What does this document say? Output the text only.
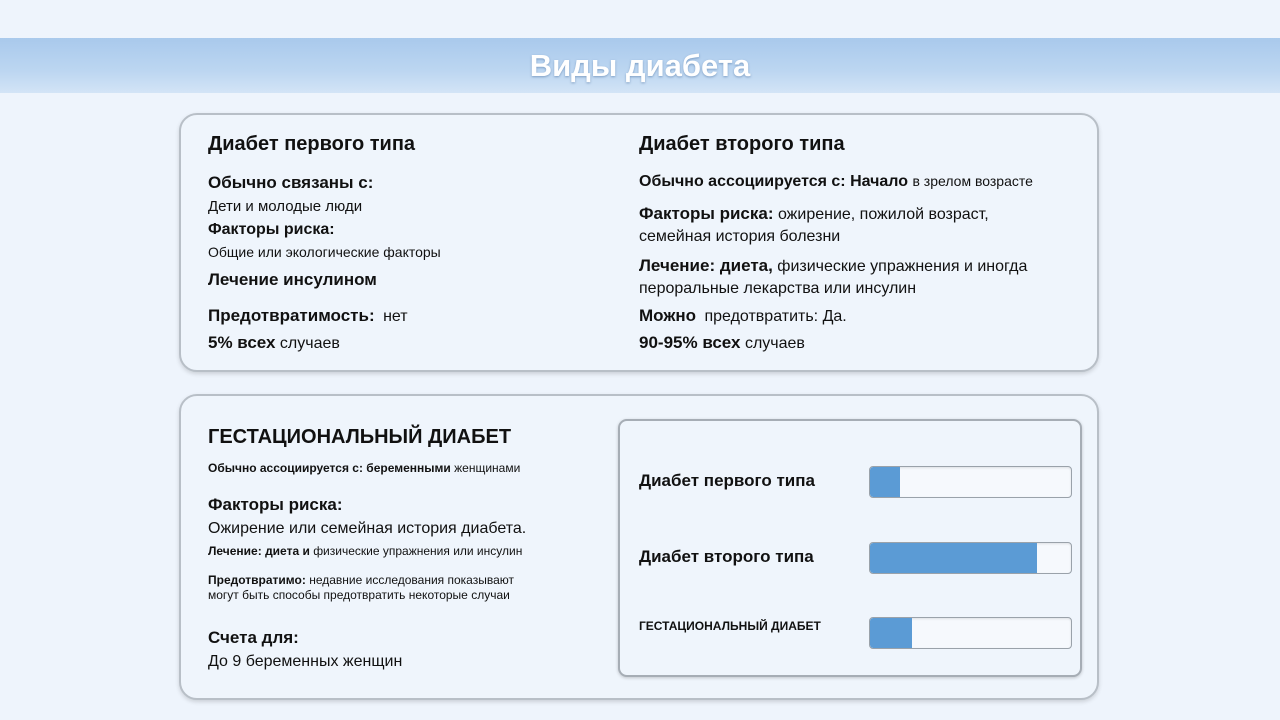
Виды диабета
Диабет первого типа
Обычно связаны с:
Дети и молодые люди
Факторы риска:
Общие или экологические факторы
Лечение инсулином
Предотвратимость: нет
5% всех случаев
Диабет второго типа
Обычно ассоциируется с: Начало в зрелом возрасте
Факторы риска: ожирение, пожилой возраст,
семейная история болезни
Лечение: диета, физические упражнения и иногда
пероральные лекарства или инсулин
Можно предотвратить: Да.
90-95% всех случаев
ГЕСТАЦИОНАЛЬНЫЙ ДИАБЕТ
Обычно ассоциируется с: беременными женщинами
Факторы риска:
Ожирение или семейная история диабета.
Лечение: диета и физические упражнения или инсулин
Предотвратимо: недавние исследования показывают
могут быть способы предотвратить некоторые случаи
Счета для:
До 9 беременных женщин
Диабет первого типа
Диабет второго типа
ГЕСТАЦИОНАЛЬНЫЙ ДИАБЕТ
